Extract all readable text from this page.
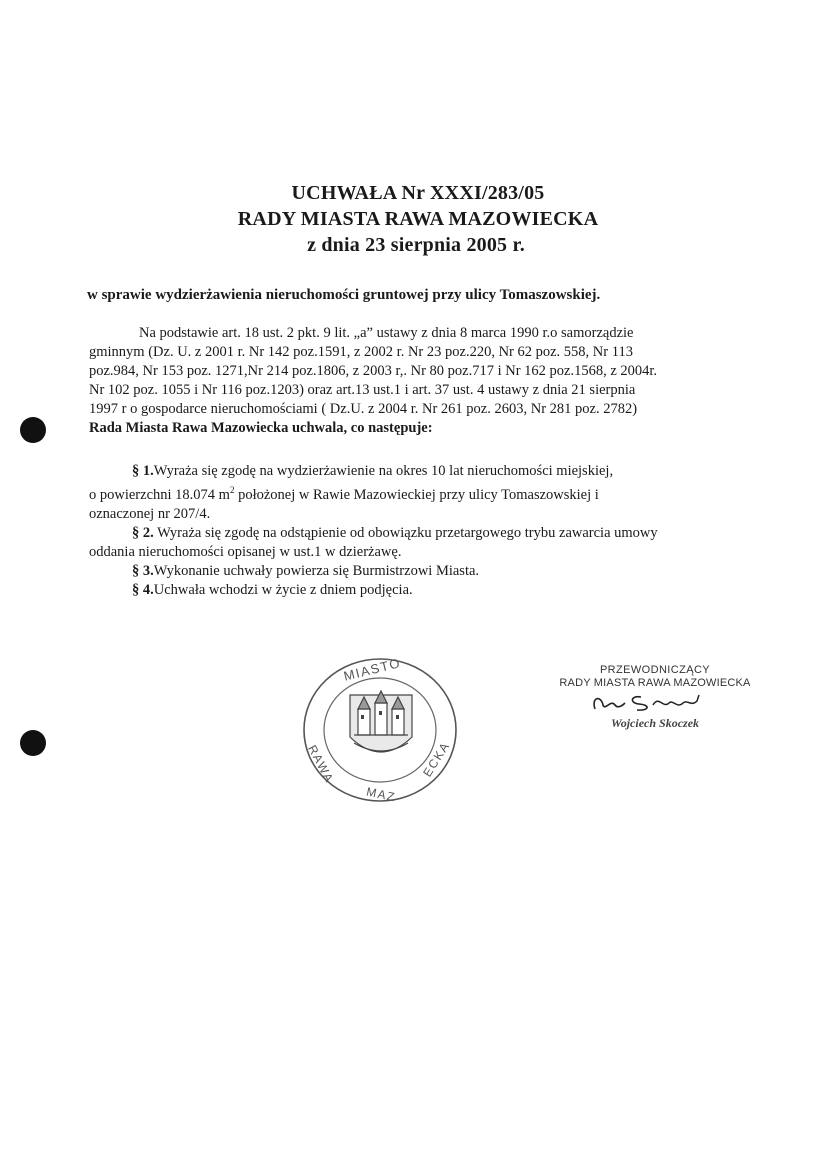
UCHWAŁA Nr XXXI/283/05
RADY MIASTA RAWA MAZOWIECKA
z dnia 23 sierpnia 2005 r.
w sprawie wydzierżawienia nieruchomości gruntowej przy ulicy Tomaszowskiej.
Na podstawie art. 18 ust. 2 pkt. 9 lit. „a” ustawy z dnia 8 marca 1990 r.o samorządzie
gminnym (Dz. U. z 2001 r. Nr 142 poz.1591, z 2002 r. Nr 23 poz.220, Nr 62 poz. 558, Nr 113
poz.984, Nr 153 poz. 1271,Nr 214 poz.1806, z 2003 r,. Nr 80 poz.717 i Nr 162 poz.1568, z 2004r.
Nr 102 poz. 1055 i Nr 116 poz.1203) oraz art.13 ust.1 i art. 37 ust. 4 ustawy z dnia 21 sierpnia
1997 r o gospodarce nieruchomościami ( Dz.U. z 2004 r. Nr 261 poz. 2603, Nr 281 poz. 2782)
Rada Miasta Rawa Mazowiecka uchwala, co następuje:
§ 1.Wyraża się zgodę na wydzierżawienie na okres 10 lat nieruchomości miejskiej,
o powierzchni 18.074 $m^2$ położonej w Rawie Mazowieckiej przy ulicy Tomaszowskiej i
oznaczonej nr 207/4.
§ 2. Wyraża się zgodę na odstąpienie od obowiązku przetargowego trybu zawarcia umowy
oddania nieruchomości opisanej w ust.1 w dzierżawę.
§ 3.Wykonanie uchwały powierza się Burmistrzowi Miasta.
§ 4.Uchwała wchodzi w życie z dniem podjęcia.
MIASTO
RAWA
MAZ
ECKA
PRZEWODNICZĄCY
RADY MIASTA RAWA MAZOWIECKA
Wojciech Skoczek
